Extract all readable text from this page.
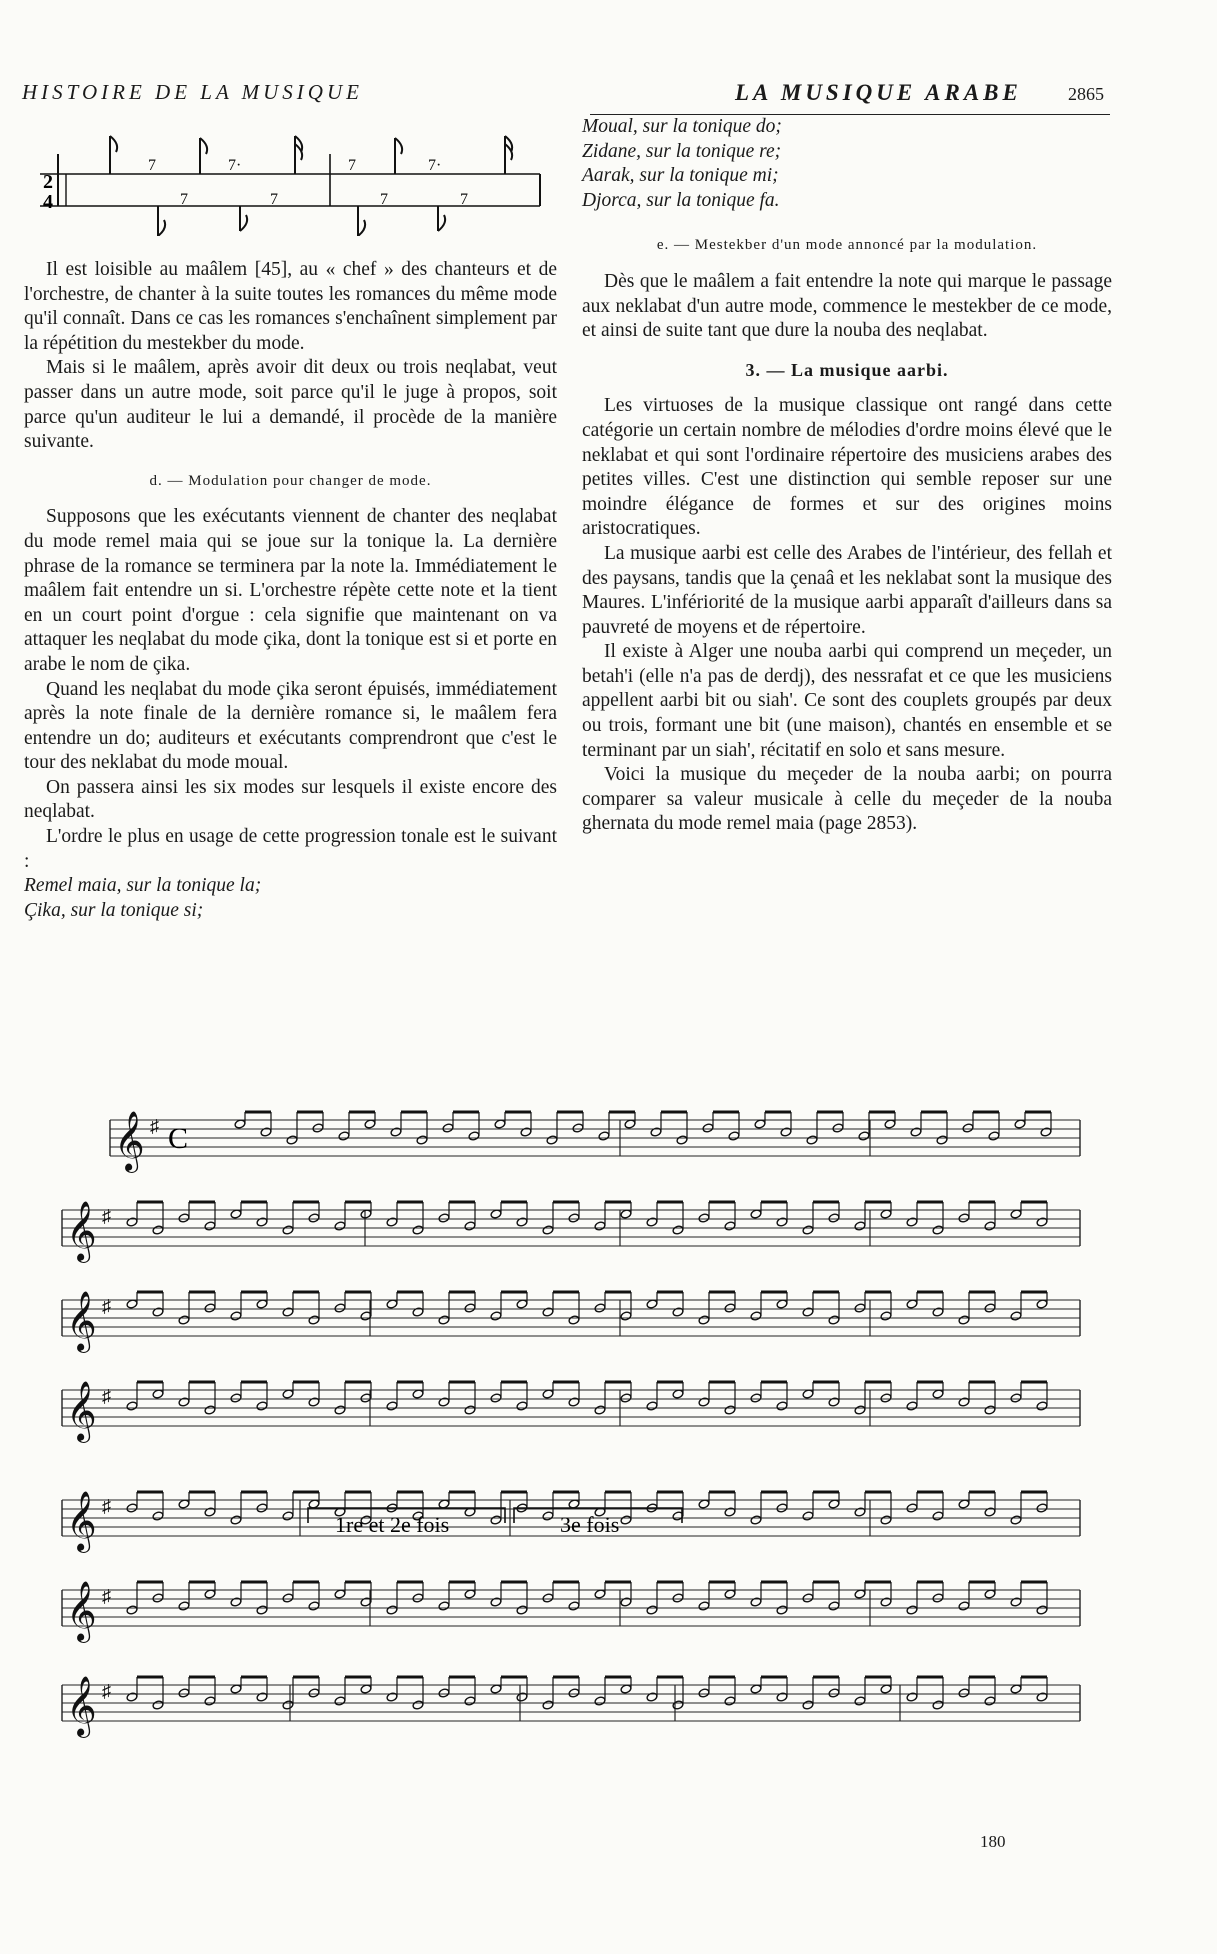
HISTOIRE DE LA MUSIQUE	LA MUSIQUE ARABE	2865
2
4
7	7·	7	7·
7	7	7	7

Il est loisible au maâlem [45], au « chef » des chanteurs et de l'orchestre, de chanter à la suite toutes les romances du même mode qu'il connaît. Dans ce cas les romances s'enchaînent simplement par la répétition du mestekber du mode.

Mais si le maâlem, après avoir dit deux ou trois neqlabat, veut passer dans un autre mode, soit parce qu'il le juge à propos, soit parce qu'un auditeur le lui a demandé, il procède de la manière suivante.

d. — Modulation pour changer de mode.

Supposons que les exécutants viennent de chanter des neqlabat du mode remel maia qui se joue sur la tonique la. La dernière phrase de la romance se terminera par la note la. Immédiatement le maâlem fait entendre un si. L'orchestre répète cette note et la tient en un court point d'orgue : cela signifie que maintenant on va attaquer les neqlabat du mode çika, dont la tonique est si et porte en arabe le nom de çika.

Quand les neqlabat du mode çika seront épuisés, immédiatement après la note finale de la dernière romance si, le maâlem fera entendre un do; auditeurs et exécutants comprendront que c'est le tour des neklabat du mode moual.

On passera ainsi les six modes sur lesquels il existe encore des neqlabat.

L'ordre le plus en usage de cette progression tonale est le suivant :

Remel maia, sur la tonique la;

Çika, sur la tonique si;

Moual, sur la tonique do;

Zidane, sur la tonique re;

Aarak, sur la tonique mi;

Djorca, sur la tonique fa.

e. — Mestekber d'un mode annoncé par la modulation.

Dès que le maâlem a fait entendre la note qui marque le passage aux neklabat d'un autre mode, commence le mestekber de ce mode, et ainsi de suite tant que dure la nouba des neqlabat.

3. — La musique aarbi.

Les virtuoses de la musique classique ont rangé dans cette catégorie un certain nombre de mélodies d'ordre moins élevé que le neklabat et qui sont l'ordinaire répertoire des musiciens arabes des petites villes. C'est une distinction qui semble reposer sur une moindre élégance de formes et sur des origines moins aristocratiques.

La musique aarbi est celle des Arabes de l'intérieur, des fellah et des paysans, tandis que la çenaâ et les neklabat sont la musique des Maures. L'infériorité de la musique aarbi apparaît d'ailleurs dans sa pauvreté de moyens et de répertoire.

Il existe à Alger une nouba aarbi qui comprend un meçeder, un betah'i (elle n'a pas de derdj), des nessrafat et ce que les musiciens appellent aarbi bit ou siah'. Ce sont des couplets groupés par deux ou trois, formant une bit (une maison), chantés en ensemble et se terminant par un siah', récitatif en solo et sans mesure.

Voici la musique du meçeder de la nouba aarbi; on pourra comparer sa valeur musicale à celle du meçeder de la nouba ghernata du mode remel maia (page 2853).

𝄞 ♯
𝄞 ♯
𝄞 ♯
𝄞 ♯
𝄞 ♯
𝄞 ♯
𝄞 ♯
1re et 2e fois	3e fois
C
180
